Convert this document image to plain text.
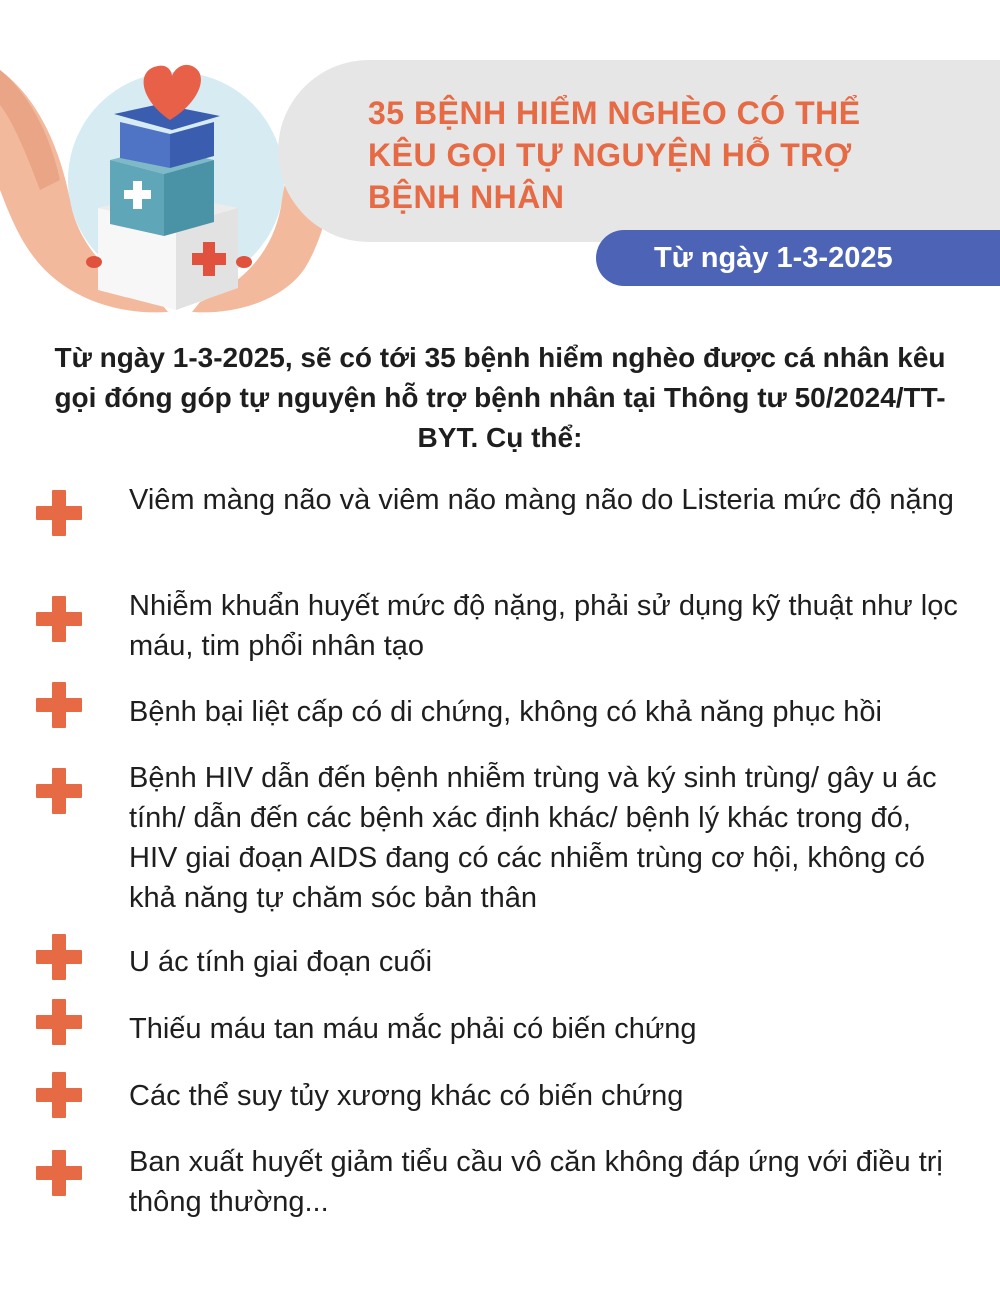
35 BỆNH HIỂM NGHÈO CÓ THỂ KÊU GỌI TỰ NGUYỆN HỖ TRỢ BỆNH NHÂN
Từ ngày 1-3-2025

Từ ngày 1-3-2025, sẽ có tới 35 bệnh hiểm nghèo được cá nhân kêu gọi đóng góp tự nguyện hỗ trợ bệnh nhân tại Thông tư 50/2024/TT-BYT. Cụ thể:

Viêm màng não và viêm não màng não do Listeria mức độ nặng

Nhiễm khuẩn huyết mức độ nặng, phải sử dụng kỹ thuật như lọc máu, tim phổi nhân tạo

Bệnh bại liệt cấp có di chứng, không có khả năng phục hồi

Bệnh HIV dẫn đến bệnh nhiễm trùng và ký sinh trùng/ gây u ác tính/ dẫn đến các bệnh xác định khác/ bệnh lý khác trong đó, HIV giai đoạn AIDS đang có các nhiễm trùng cơ hội, không có khả năng tự chăm sóc bản thân

U ác tính giai đoạn cuối

Thiếu máu tan máu mắc phải có biến chứng

Các thể suy tủy xương khác có biến chứng

Ban xuất huyết giảm tiểu cầu vô căn không đáp ứng với điều trị thông thường...
